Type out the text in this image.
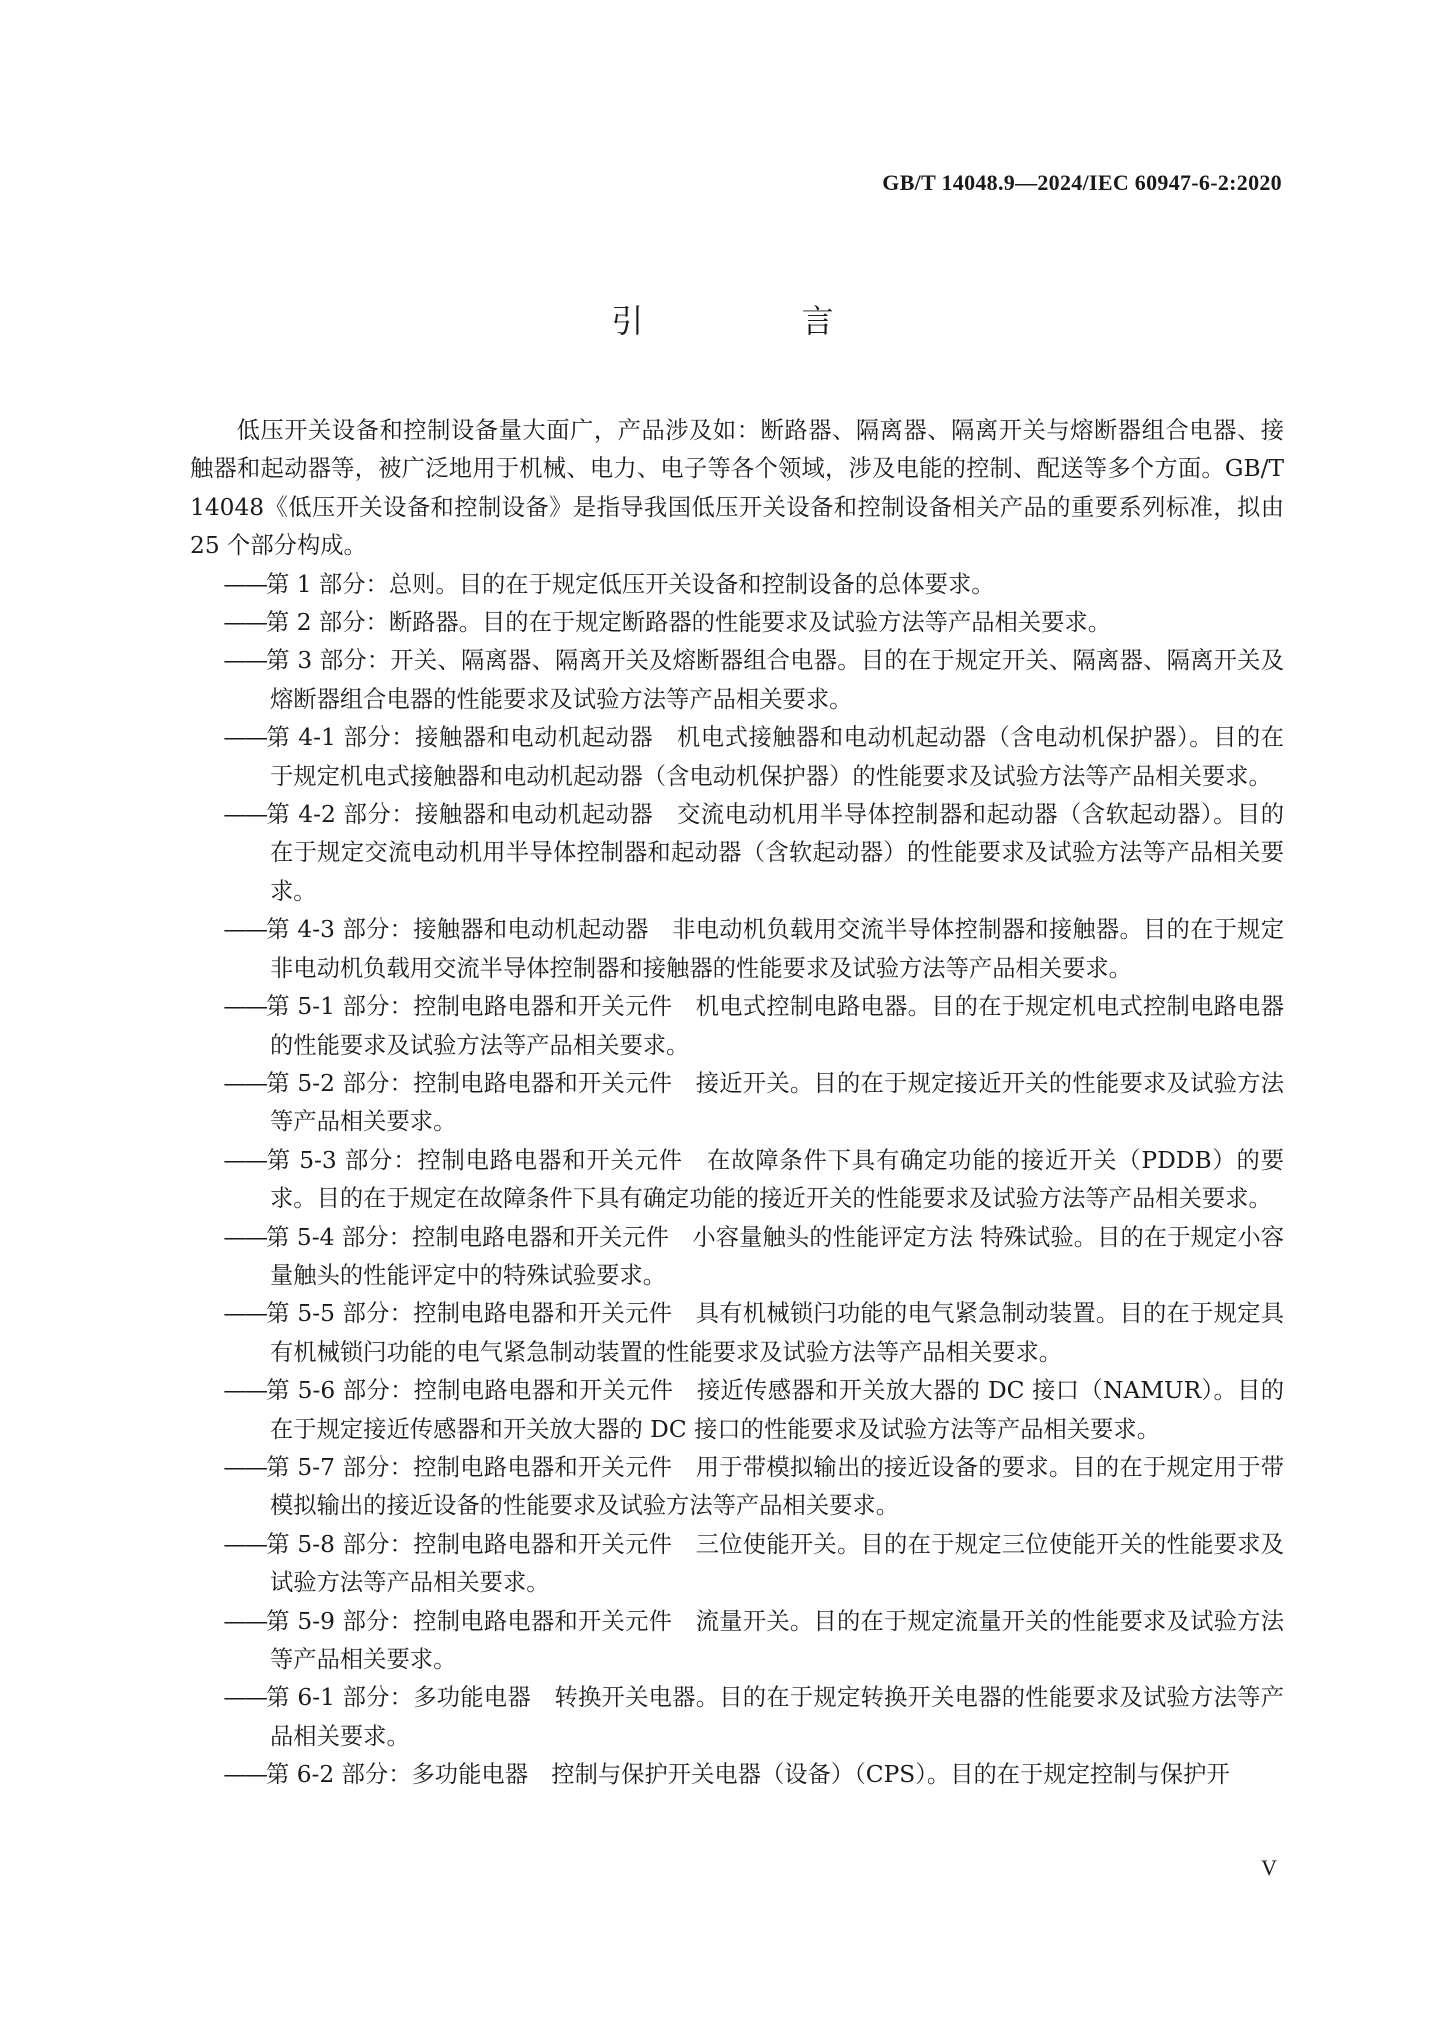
GB/T 14048.9—2024/IEC 60947-6-2:2020
引 言

低压开关设备和控制设备量大面广，产品涉及如：断路器、隔离器、隔离开关与熔断器组合电器、接触器和起动器等，被广泛地用于机械、电力、电子等各个领域，涉及电能的控制、配送等多个方面。GB/T 14048《低压开关设备和控制设备》是指导我国低压开关设备和控制设备相关产品的重要系列标准，拟由 25 个部分构成。

——第 1 部分：总则。目的在于规定低压开关设备和控制设备的总体要求。
——第 2 部分：断路器。目的在于规定断路器的性能要求及试验方法等产品相关要求。
——第 3 部分：开关、隔离器、隔离开关及熔断器组合电器。目的在于规定开关、隔离器、隔离开关及熔断器组合电器的性能要求及试验方法等产品相关要求。
——第 4-1 部分：接触器和电动机起动器　机电式接触器和电动机起动器（含电动机保护器）。目的在于规定机电式接触器和电动机起动器（含电动机保护器）的性能要求及试验方法等产品相关要求。
——第 4-2 部分：接触器和电动机起动器　交流电动机用半导体控制器和起动器（含软起动器）。目的在于规定交流电动机用半导体控制器和起动器（含软起动器）的性能要求及试验方法等产品相关要求。
——第 4-3 部分：接触器和电动机起动器　非电动机负载用交流半导体控制器和接触器。目的在于规定非电动机负载用交流半导体控制器和接触器的性能要求及试验方法等产品相关要求。
——第 5-1 部分：控制电路电器和开关元件　机电式控制电路电器。目的在于规定机电式控制电路电器的性能要求及试验方法等产品相关要求。
——第 5-2 部分：控制电路电器和开关元件　接近开关。目的在于规定接近开关的性能要求及试验方法等产品相关要求。
——第 5-3 部分：控制电路电器和开关元件　在故障条件下具有确定功能的接近开关（PDDB）的要求。目的在于规定在故障条件下具有确定功能的接近开关的性能要求及试验方法等产品相关要求。
——第 5-4 部分：控制电路电器和开关元件　小容量触头的性能评定方法 特殊试验。目的在于规定小容量触头的性能评定中的特殊试验要求。
——第 5-5 部分：控制电路电器和开关元件　具有机械锁闩功能的电气紧急制动装置。目的在于规定具有机械锁闩功能的电气紧急制动装置的性能要求及试验方法等产品相关要求。
——第 5-6 部分：控制电路电器和开关元件　接近传感器和开关放大器的 DC 接口（NAMUR）。目的在于规定接近传感器和开关放大器的 DC 接口的性能要求及试验方法等产品相关要求。
——第 5-7 部分：控制电路电器和开关元件　用于带模拟输出的接近设备的要求。目的在于规定用于带模拟输出的接近设备的性能要求及试验方法等产品相关要求。
——第 5-8 部分：控制电路电器和开关元件　三位使能开关。目的在于规定三位使能开关的性能要求及试验方法等产品相关要求。
——第 5-9 部分：控制电路电器和开关元件　流量开关。目的在于规定流量开关的性能要求及试验方法等产品相关要求。
——第 6-1 部分：多功能电器　转换开关电器。目的在于规定转换开关电器的性能要求及试验方法等产品相关要求。
——第 6-2 部分：多功能电器　控制与保护开关电器（设备）（CPS）。目的在于规定控制与保护开
V
